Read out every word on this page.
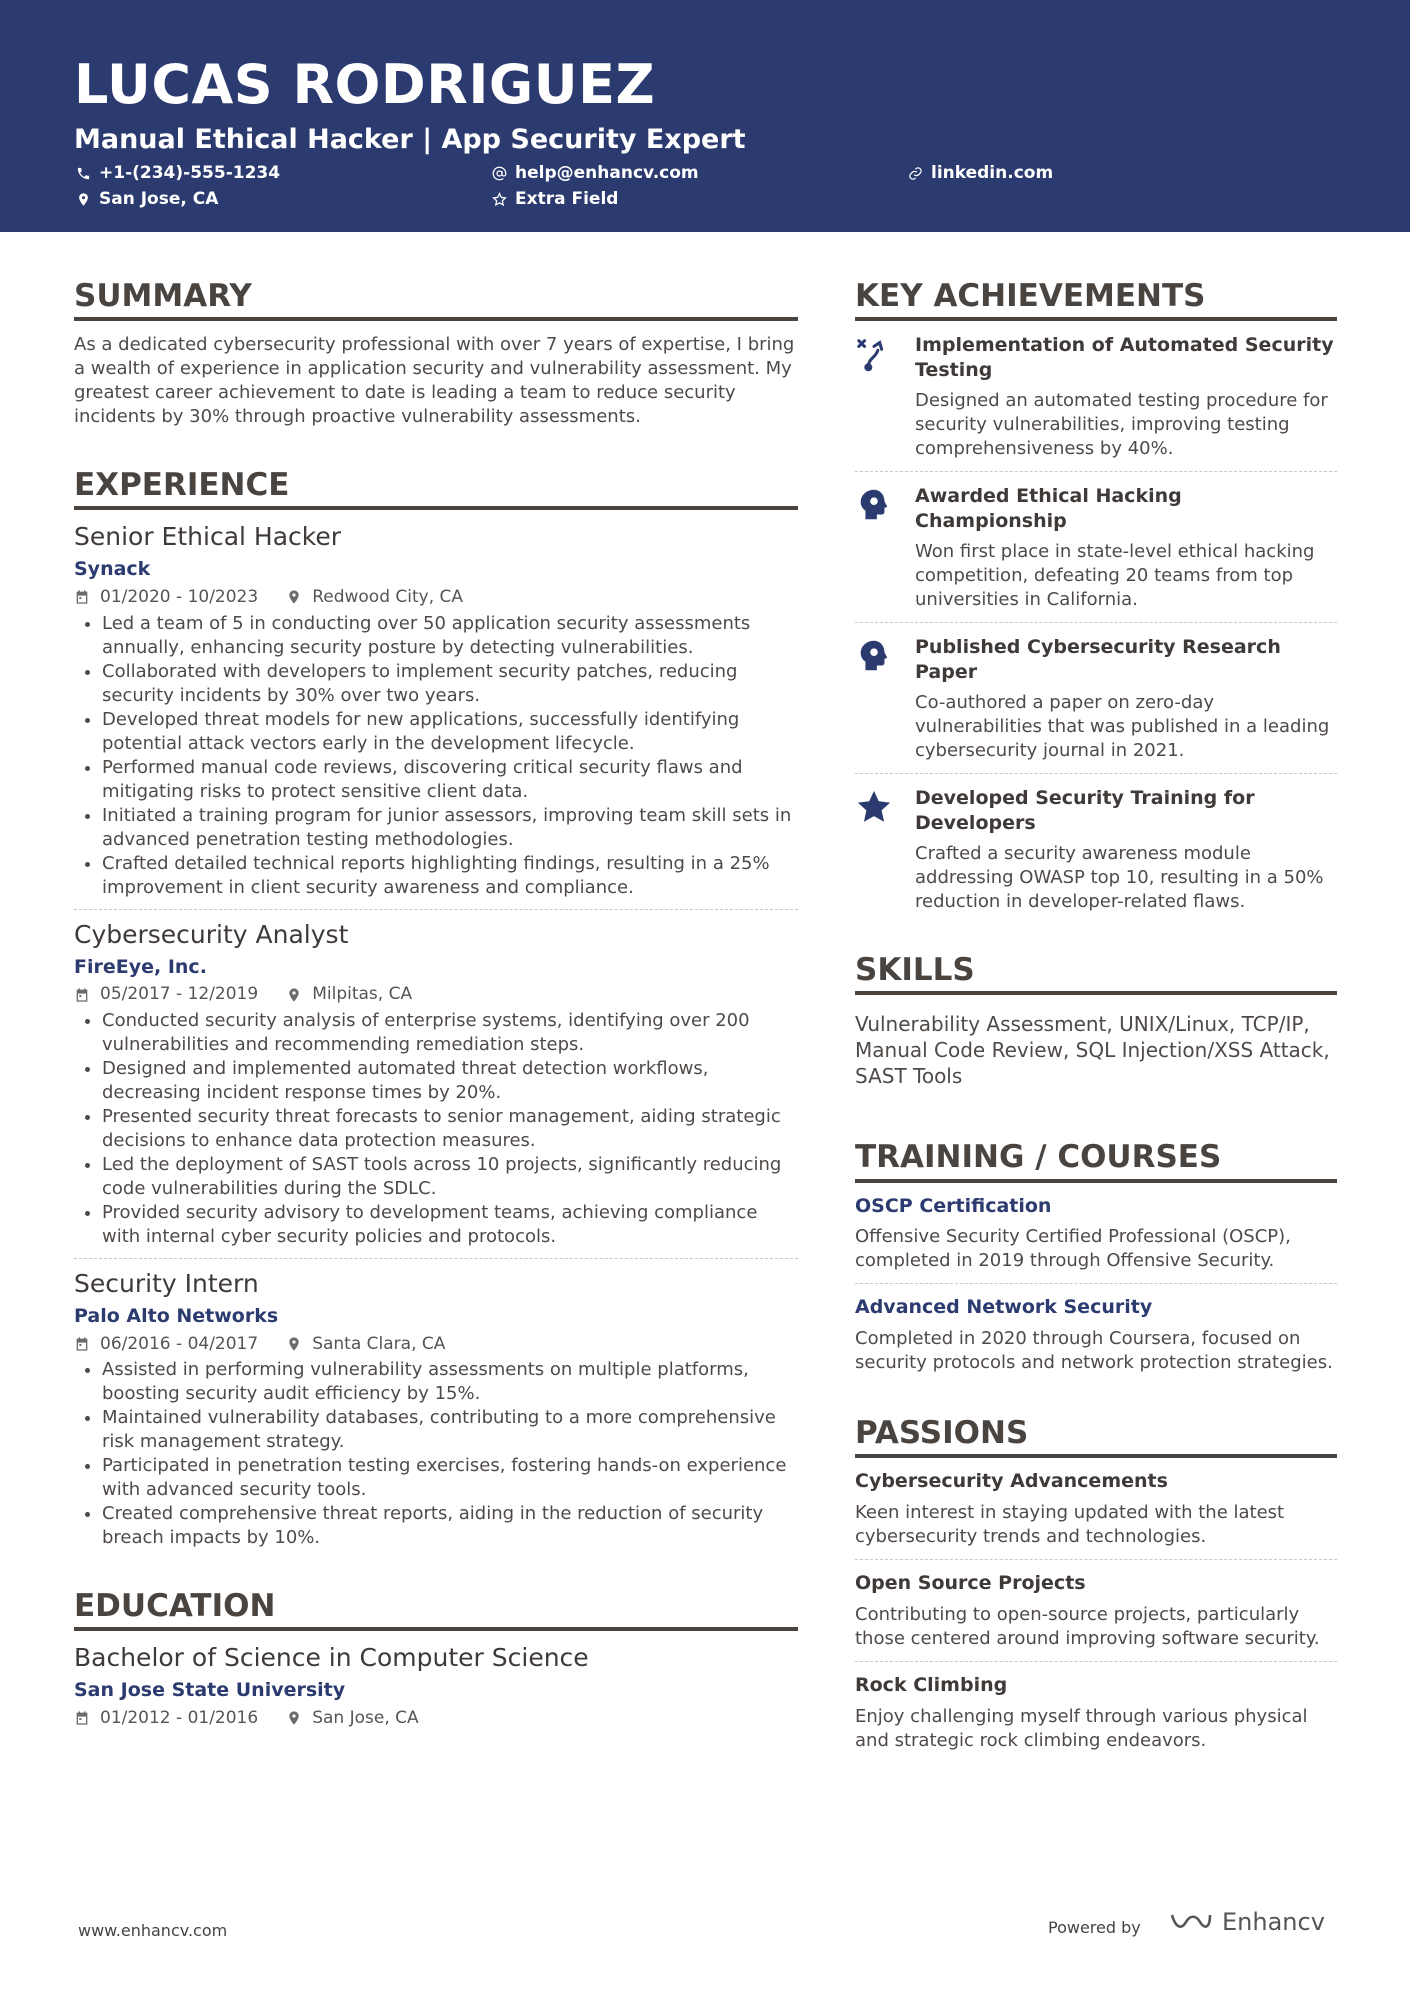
LUCAS RODRIGUEZ
Manual Ethical Hacker | App Security Expert
+1-(234)-555-1234	help@enhancv.com	linkedin.com
San Jose, CA	Extra Field
SUMMARY

As a dedicated cybersecurity professional with over 7 years of expertise, I bring a wealth of experience in application security and vulnerability assessment. My greatest career achievement to date is leading a team to reduce security incidents by 30% through proactive vulnerability assessments.

EXPERIENCE
Senior Ethical Hacker
Synack
01/2020 - 10/2023	Redwood City, CA
• Led a team of 5 in conducting over 50 application security assessments annually, enhancing security posture by detecting vulnerabilities.
• Collaborated with developers to implement security patches, reducing security incidents by 30% over two years.
• Developed threat models for new applications, successfully identifying potential attack vectors early in the development lifecycle.
• Performed manual code reviews, discovering critical security flaws and mitigating risks to protect sensitive client data.
• Initiated a training program for junior assessors, improving team skill sets in advanced penetration testing methodologies.
• Crafted detailed technical reports highlighting findings, resulting in a 25% improvement in client security awareness and compliance.
Cybersecurity Analyst
FireEye, Inc.
05/2017 - 12/2019	Milpitas, CA
• Conducted security analysis of enterprise systems, identifying over 200 vulnerabilities and recommending remediation steps.
• Designed and implemented automated threat detection workflows, decreasing incident response times by 20%.
• Presented security threat forecasts to senior management, aiding strategic decisions to enhance data protection measures.
• Led the deployment of SAST tools across 10 projects, significantly reducing code vulnerabilities during the SDLC.
• Provided security advisory to development teams, achieving compliance with internal cyber security policies and protocols.
Security Intern
Palo Alto Networks
06/2016 - 04/2017	Santa Clara, CA
• Assisted in performing vulnerability assessments on multiple platforms, boosting security audit efficiency by 15%.
• Maintained vulnerability databases, contributing to a more comprehensive risk management strategy.
• Participated in penetration testing exercises, fostering hands-on experience with advanced security tools.
• Created comprehensive threat reports, aiding in the reduction of security breach impacts by 10%.
EDUCATION
Bachelor of Science in Computer Science
San Jose State University
01/2012 - 01/2016	San Jose, CA
KEY ACHIEVEMENTS
Implementation of Automated Security Testing

Designed an automated testing procedure for security vulnerabilities, improving testing comprehensiveness by 40%.

Awarded Ethical Hacking Championship

Won first place in state-level ethical hacking competition, defeating 20 teams from top universities in California.

Published Cybersecurity Research Paper

Co-authored a paper on zero-day vulnerabilities that was published in a leading cybersecurity journal in 2021.

Developed Security Training for Developers

Crafted a security awareness module addressing OWASP top 10, resulting in a 50% reduction in developer-related flaws.

SKILLS

Vulnerability Assessment, UNIX/Linux, TCP/IP, Manual Code Review, SQL Injection/XSS Attack, SAST Tools

TRAINING / COURSES
OSCP Certification

Offensive Security Certified Professional (OSCP), completed in 2019 through Offensive Security.

Advanced Network Security

Completed in 2020 through Coursera, focused on security protocols and network protection strategies.

PASSIONS
Cybersecurity Advancements

Keen interest in staying updated with the latest cybersecurity trends and technologies.

Open Source Projects

Contributing to open-source projects, particularly those centered around improving software security.

Rock Climbing

Enjoy challenging myself through various physical and strategic rock climbing endeavors.

www.enhancv.com	Powered by	Enhancv
